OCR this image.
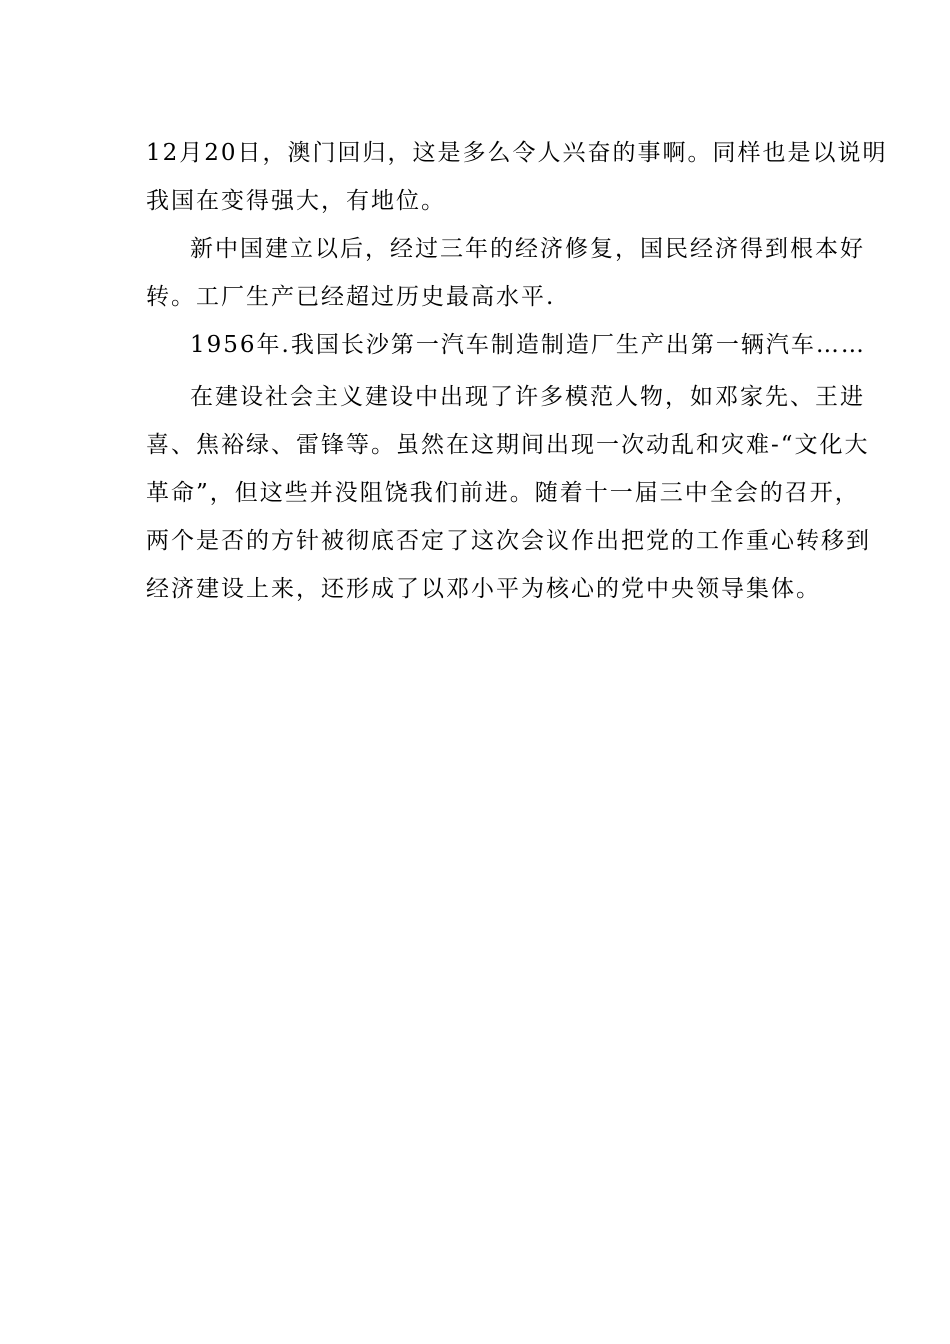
12月20日，澳门回归，这是多么令人兴奋的事啊。同样也是以说明
我国在变得强大，有地位。
新中国建立以后，经过三年的经济修复，国民经济得到根本好
转。工厂生产已经超过历史最高水平.
1956年.我国长沙第一汽车制造制造厂生产出第一辆汽车……
在建设社会主义建设中出现了许多模范人物，如邓家先、王进
喜、焦裕绿、雷锋等。虽然在这期间出现一次动乱和灾难-“文化大
革命”，但这些并没阻饶我们前进。随着十一届三中全会的召开，
两个是否的方针被彻底否定了这次会议作出把党的工作重心转移到
经济建设上来，还形成了以邓小平为核心的党中央领导集体。
